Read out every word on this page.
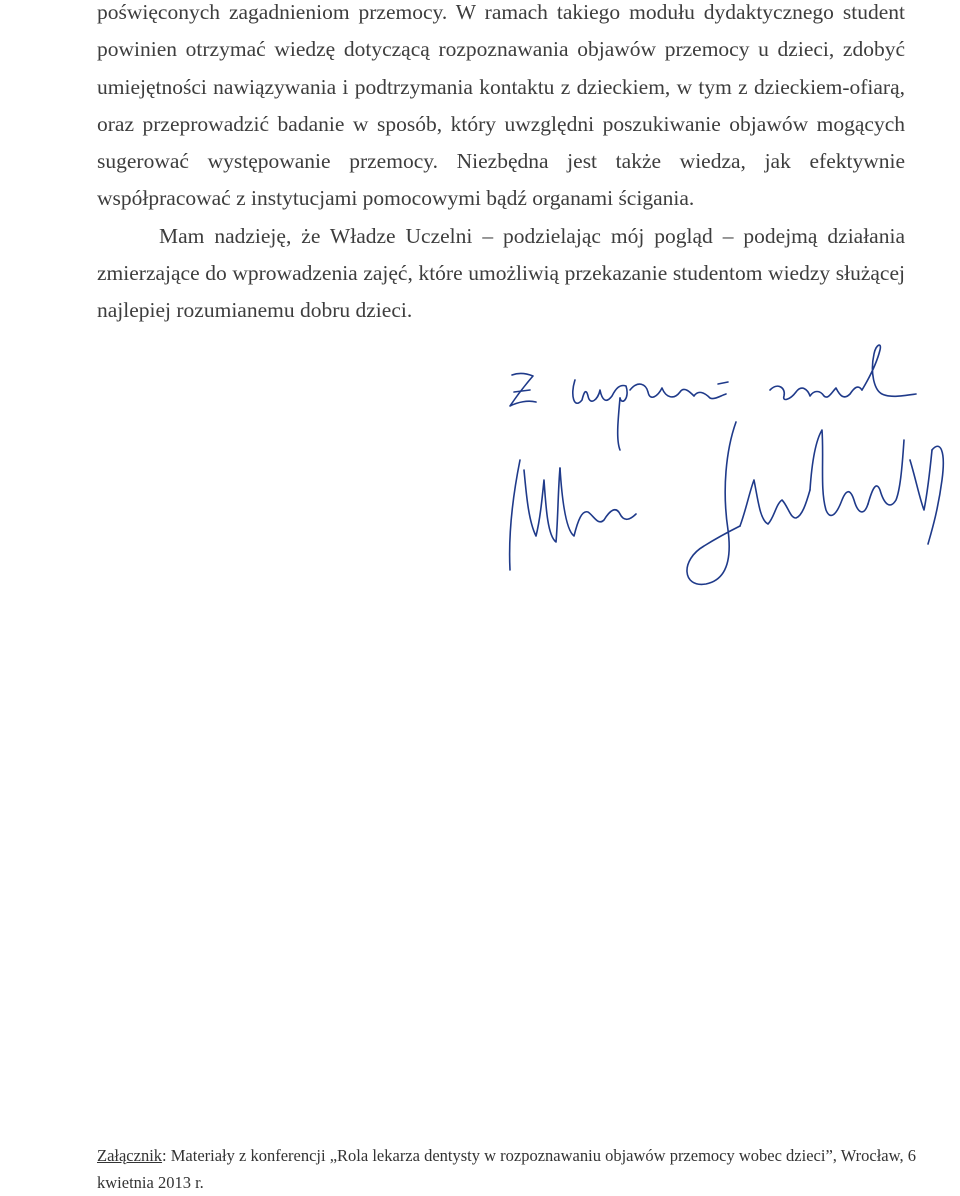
poświęconych zagadnieniom przemocy. W ramach takiego modułu dydaktycznego student powinien otrzymać wiedzę dotyczącą rozpoznawania objawów przemocy u dzieci, zdobyć umiejętności nawiązywania i podtrzymania kontaktu z dzieckiem, w tym z dzieckiem-ofiarą, oraz przeprowadzić badanie w sposób, który uwzględni poszukiwanie objawów mogących sugerować występowanie przemocy. Niezbędna jest także wiedza, jak efektywnie współpracować z instytucjami pomocowymi bądź organami ścigania.

Mam nadzieję, że Władze Uczelni – podzielając mój pogląd – podejmą działania zmierzające do wprowadzenia zajęć, które umożliwią przekazanie studentom wiedzy służącej najlepiej rozumianemu dobru dzieci.

Załącznik: Materiały z konferencji „Rola lekarza dentysty w rozpoznawaniu objawów przemocy wobec dzieci”, Wrocław, 6 kwietnia 2013 r.
